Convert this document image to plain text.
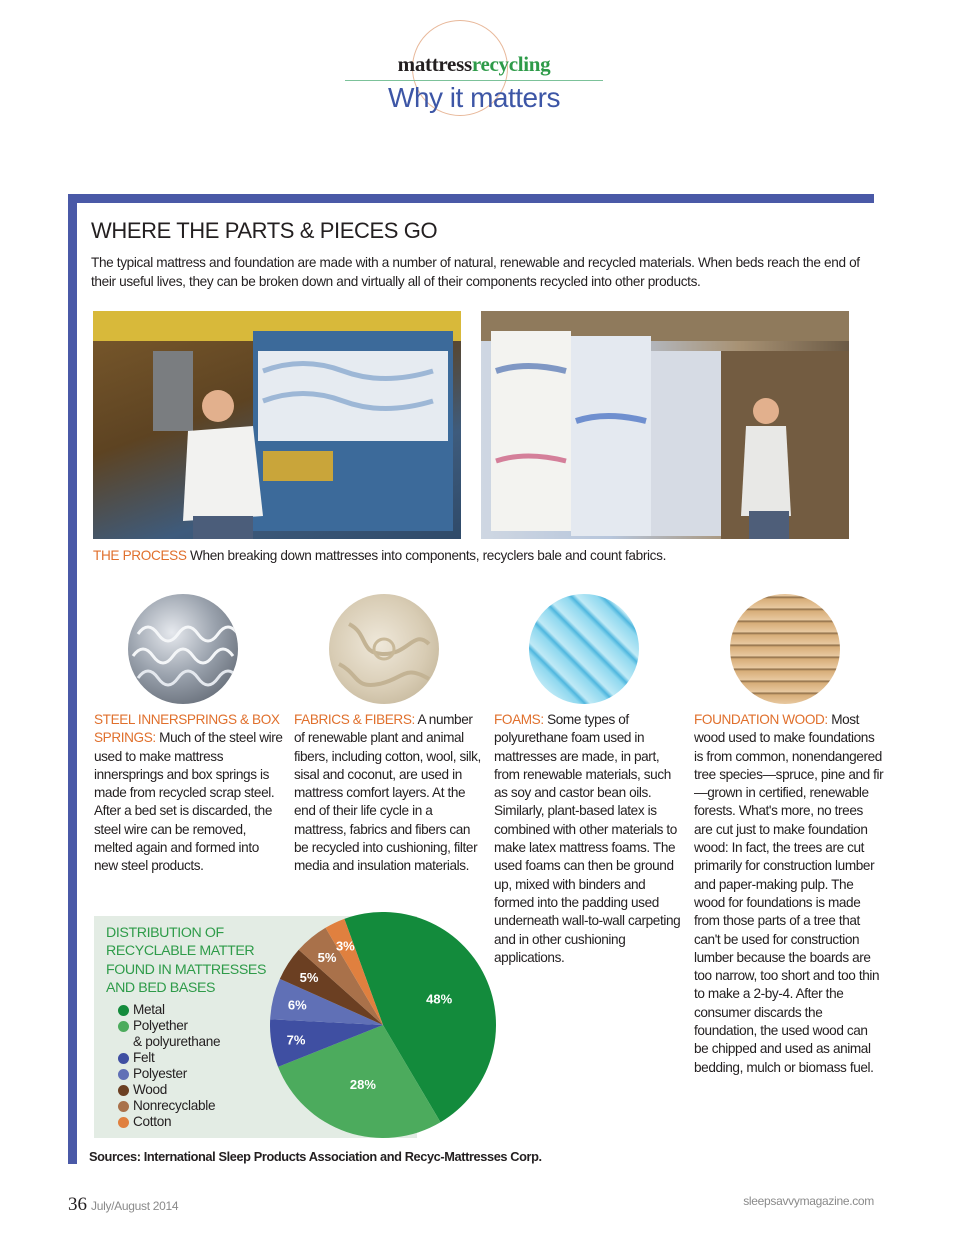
mattressrecycling
Why it matters
WHERE THE PARTS & PIECES GO

The typical mattress and foundation are made with a number of natural, renewable and recycled materials. When beds reach the end of their useful lives, they can be broken down and virtually all of their components recycled into other products.

THE PROCESS When breaking down mattresses into components, recyclers bale and count fabrics.

STEEL INNERSPRINGS & BOX SPRINGS: Much of the steel wire used to make mattress innersprings and box springs is made from recycled scrap steel. After a bed set is discarded, the steel wire can be removed, melted again and formed into new steel products.

FABRICS & FIBERS: A number of renewable plant and animal fibers, including cotton, wool, silk, sisal and coconut, are used in mattress comfort layers. At the end of their life cycle in a mattress, fabrics and fibers can be recycled into cushioning, filter media and insulation materials.

FOAMS: Some types of polyurethane foam used in mattresses are made, in part, from renewable materials, such as soy and castor bean oils. Similarly, plant-based latex is combined with other materials to make latex mattress foams. The used foams can then be ground up, mixed with binders and formed into the padding used underneath wall-to-wall carpeting and in other cushioning applications.

FOUNDATION WOOD: Most wood used to make foundations is from common, nonendangered tree species—spruce, pine and fir—grown in certified, renewable forests. What's more, no trees are cut just to make foundation wood: In fact, the trees are cut primarily for construction lumber and paper-making pulp. The wood for foundations is made from those parts of a tree that can't be used for construction lumber because the boards are too narrow, too short and too thin to make a 2-by-4. After the consumer discards the foundation, the used wood can be chipped and used as animal bedding, mulch or biomass fuel.

DISTRIBUTION OF RECYCLABLE MATTER FOUND IN MATTRESSES AND BED BASES
Metal
Polyether
& polyurethane
Felt
Polyester
Wood
Nonrecyclable
Cotton
48%
28%
7%
6%
5%
5%
3%
Sources: International Sleep Products Association and Recyc-Mattresses Corp.
36 July/August 2014	sleepsavvymagazine.com
